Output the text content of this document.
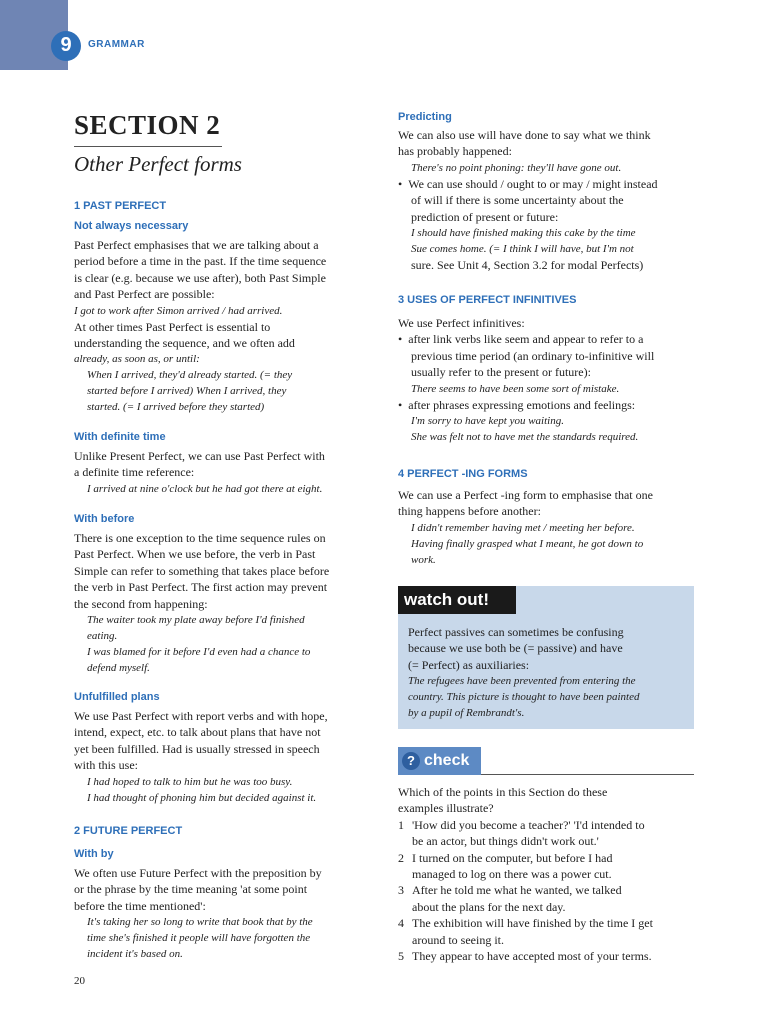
9	GRAMMAR
SECTION 2
Other Perfect forms
1 PAST PERFECT
Not always necessary
Past Perfect emphasises that we are talking about a
period before a time in the past. If the time sequence
is clear (e.g. because we use after), both Past Simple
and Past Perfect are possible:
I got to work after Simon arrived / had arrived.
At other times Past Perfect is essential to
understanding the sequence, and we often add
already, as soon as, or until:
When I arrived, they'd already started. (= they
started before I arrived) When I arrived, they
started. (= I arrived before they started)
With definite time
Unlike Present Perfect, we can use Past Perfect with
a definite time reference:
I arrived at nine o'clock but he had got there at eight.
With before
There is one exception to the time sequence rules on
Past Perfect. When we use before, the verb in Past
Simple can refer to something that takes place before
the verb in Past Perfect. The first action may prevent
the second from happening:
The waiter took my plate away before I'd finished
eating.
I was blamed for it before I'd even had a chance to
defend myself.
Unfulfilled plans
We use Past Perfect with report verbs and with hope,
intend, expect, etc. to talk about plans that have not
yet been fulfilled. Had is usually stressed in speech
with this use:
I had hoped to talk to him but he was too busy.
I had thought of phoning him but decided against it.
2 FUTURE PERFECT
With by
We often use Future Perfect with the preposition by
or the phrase by the time meaning 'at some point
before the time mentioned':
It's taking her so long to write that book that by the
time she's finished it people will have forgotten the
incident it's based on.
20
Predicting
We can also use will have done to say what we think
has probably happened:
There's no point phoning: they'll have gone out.
•  We can use should / ought to or may / might instead
of will if there is some uncertainty about the
prediction of present or future:
I should have finished making this cake by the time
Sue comes home. (= I think I will have, but I'm not
sure. See Unit 4, Section 3.2 for modal Perfects)
3 USES OF PERFECT INFINITIVES
We use Perfect infinitives:
•  after link verbs like seem and appear to refer to a
previous time period (an ordinary to-infinitive will
usually refer to the present or future):
There seems to have been some sort of mistake.
•  after phrases expressing emotions and feelings:
I'm sorry to have kept you waiting.
She was felt not to have met the standards required.
4 PERFECT -ING FORMS
We can use a Perfect -ing form to emphasise that one
thing happens before another:
I didn't remember having met / meeting her before.
Having finally grasped what I meant, he got down to
work.
watch out!
Perfect passives can sometimes be confusing
because we use both be (= passive) and have
(= Perfect) as auxiliaries:
The refugees have been prevented from entering the
country. This picture is thought to have been painted
by a pupil of Rembrandt's.
? check
Which of the points in this Section do these
examples illustrate?
1 'How did you become a teacher?' 'I'd intended to
be an actor, but things didn't work out.'
2 I turned on the computer, but before I had
managed to log on there was a power cut.
3 After he told me what he wanted, we talked
about the plans for the next day.
4 The exhibition will have finished by the time I get
around to seeing it.
5 They appear to have accepted most of your terms.
